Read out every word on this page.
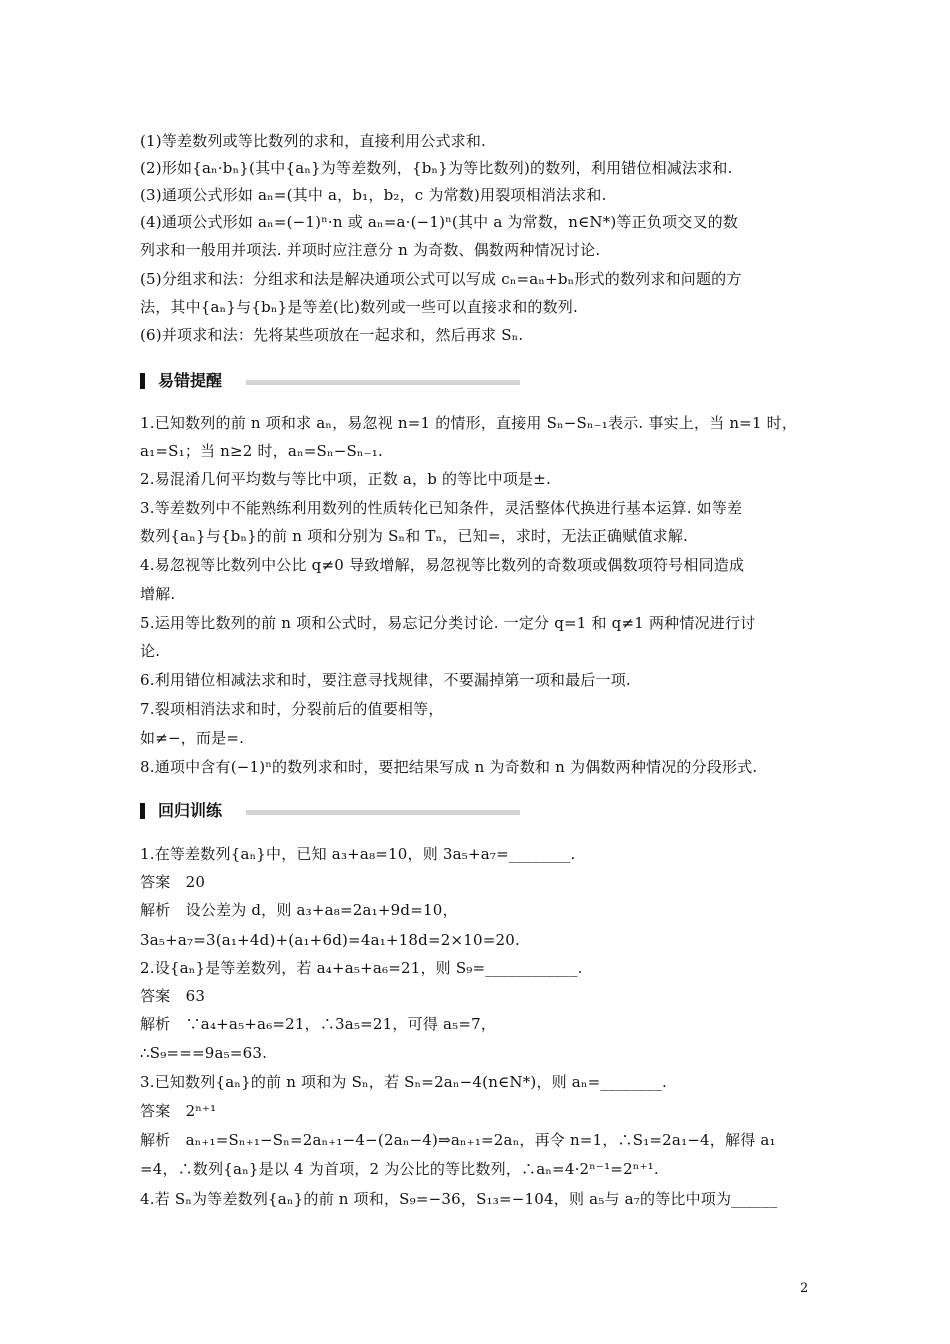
(1)等差数列或等比数列的求和，直接利用公式求和.
(2)形如{aₙ·bₙ}(其中{aₙ}为等差数列，{bₙ}为等比数列)的数列，利用错位相减法求和.
(3)通项公式形如 aₙ=(其中 a，b₁，b₂，c 为常数)用裂项相消法求和.
(4)通项公式形如 aₙ=(−1)ⁿ·n 或 aₙ=a·(−1)ⁿ(其中 a 为常数，n∈N*)等正负项交叉的数
列求和一般用并项法. 并项时应注意分 n 为奇数、偶数两种情况讨论.
(5)分组求和法：分组求和法是解决通项公式可以写成 cₙ=aₙ+bₙ形式的数列求和问题的方
法，其中{aₙ}与{bₙ}是等差(比)数列或一些可以直接求和的数列.
(6)并项求和法：先将某些项放在一起求和，然后再求 Sₙ.
易错提醒
1.已知数列的前 n 项和求 aₙ，易忽视 n=1 的情形，直接用 Sₙ−Sₙ₋₁表示. 事实上，当 n=1 时，
a₁=S₁；当 n≥2 时，aₙ=Sₙ−Sₙ₋₁.
2.易混淆几何平均数与等比中项，正数 a，b 的等比中项是±.
3.等差数列中不能熟练利用数列的性质转化已知条件，灵活整体代换进行基本运算. 如等差
数列{aₙ}与{bₙ}的前 n 项和分别为 Sₙ和 Tₙ，已知=，求时，无法正确赋值求解.
4.易忽视等比数列中公比 q≠0 导致增解，易忽视等比数列的奇数项或偶数项符号相同造成
增解.
5.运用等比数列的前 n 项和公式时，易忘记分类讨论. 一定分 q=1 和 q≠1 两种情况进行讨
论.
6.利用错位相减法求和时，要注意寻找规律，不要漏掉第一项和最后一项.
7.裂项相消法求和时，分裂前后的值要相等，
如≠−，而是=.
8.通项中含有(−1)ⁿ的数列求和时，要把结果写成 n 为奇数和 n 为偶数两种情况的分段形式.
回归训练
1.在等差数列{aₙ}中，已知 a₃+a₈=10，则 3a₅+a₇=________.
答案　20
解析　设公差为 d，则 a₃+a₈=2a₁+9d=10，
3a₅+a₇=3(a₁+4d)+(a₁+6d)=4a₁+18d=2×10=20.
2.设{aₙ}是等差数列，若 a₄+a₅+a₆=21，则 S₉=____________.
答案　63
解析　∵a₄+a₅+a₆=21，∴3a₅=21，可得 a₅=7，
∴S₉===9a₅=63.
3.已知数列{aₙ}的前 n 项和为 Sₙ，若 Sₙ=2aₙ−4(n∈N*)，则 aₙ=________.
答案　2ⁿ⁺¹
解析　aₙ₊₁=Sₙ₊₁−Sₙ=2aₙ₊₁−4−(2aₙ−4)⇒aₙ₊₁=2aₙ，再令 n=1，∴S₁=2a₁−4，解得 a₁
=4，∴数列{aₙ}是以 4 为首项，2 为公比的等比数列，∴aₙ=4·2ⁿ⁻¹=2ⁿ⁺¹.
4.若 Sₙ为等差数列{aₙ}的前 n 项和，S₉=−36，S₁₃=−104，则 a₅与 a₇的等比中项为______
2
